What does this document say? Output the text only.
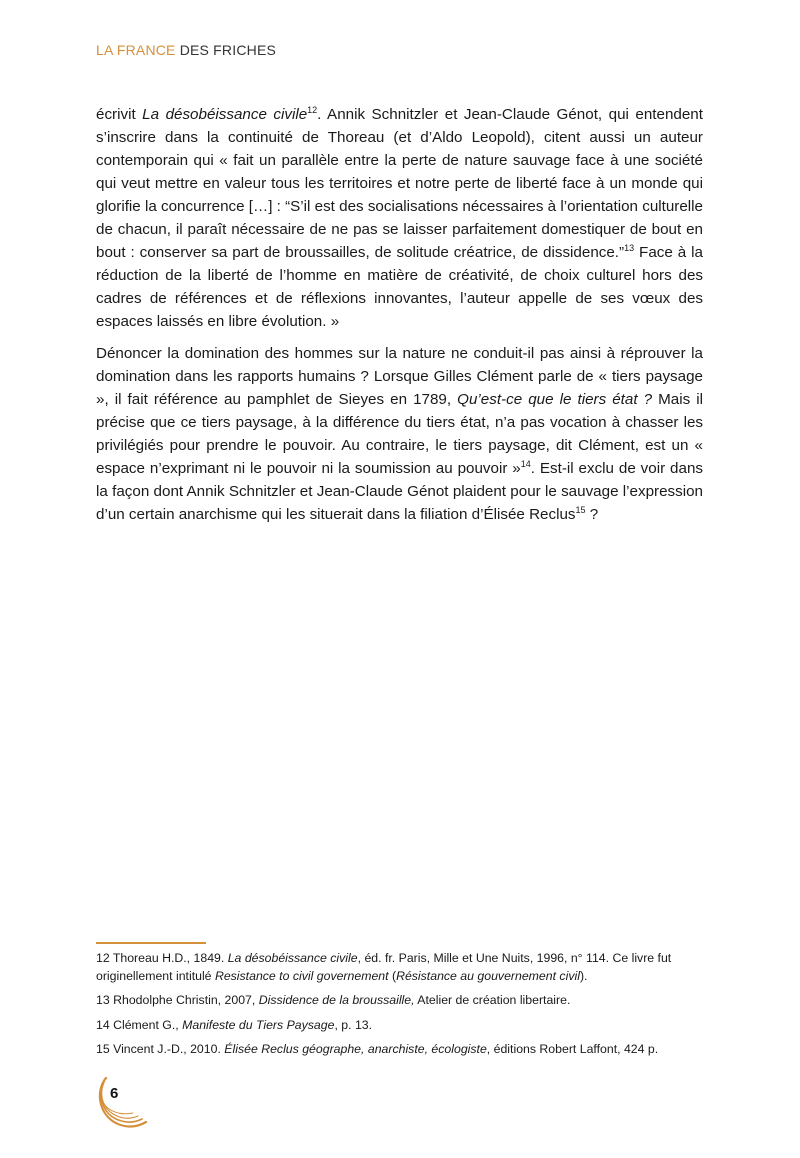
LA FRANCE DES FRICHES

écrivit La désobéissance civile$^{12}$. Annik Schnitzler et Jean-Claude Génot, qui entendent s’inscrire dans la continuité de Thoreau (et d’Aldo Leopold), citent aussi un auteur contemporain qui « fait un parallèle entre la perte de nature sauvage face à une société qui veut mettre en valeur tous les territoires et notre perte de liberté face à un monde qui glorifie la concurrence […] : “S’il est des socialisations nécessaires à l’orientation culturelle de chacun, il paraît nécessaire de ne pas se laisser parfaitement domestiquer de bout en bout : conserver sa part de broussailles, de solitude créatrice, de dissidence.”$^{13}$ Face à la réduction de la liberté de l’homme en matière de créativité, de choix culturel hors des cadres de références et de réflexions innovantes, l’auteur appelle de ses vœux des espaces laissés en libre évolution. »

Dénoncer la domination des hommes sur la nature ne conduit-il pas ainsi à réprouver la domination dans les rapports humains ? Lorsque Gilles Clément parle de « tiers paysage », il fait référence au pamphlet de Sieyes en 1789, Qu’est-ce que le tiers état ? Mais il précise que ce tiers paysage, à la différence du tiers état, n’a pas vocation à chasser les privilégiés pour prendre le pouvoir. Au contraire, le tiers paysage, dit Clément, est un « espace n’exprimant ni le pouvoir ni la soumission au pouvoir »$^{14}$. Est-il exclu de voir dans la façon dont Annik Schnitzler et Jean-Claude Génot plaident pour le sauvage l’expression d’un certain anarchisme qui les situerait dans la filiation d’Élisée Reclus$^{15}$ ?

12 Thoreau H.D., 1849. La désobéissance civile, éd. fr. Paris, Mille et Une Nuits, 1996, n° 114. Ce livre fut originellement intitulé Resistance to civil governement (Résistance au gouvernement civil).
13 Rhodolphe Christin, 2007, Dissidence de la broussaille, Atelier de création libertaire.
14 Clément G., Manifeste du Tiers Paysage, p. 13.
15 Vincent J.-D., 2010. Élisée Reclus géographe, anarchiste, écologiste, éditions Robert Laffont, 424 p.
6
